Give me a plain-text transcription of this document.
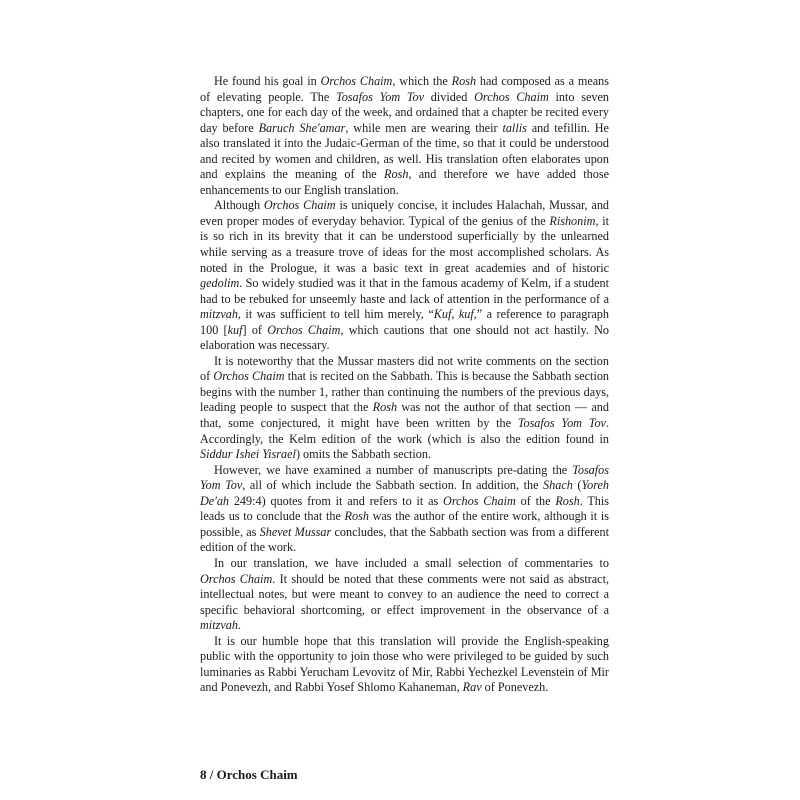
He found his goal in Orchos Chaim, which the Rosh had composed as a means of elevating people. The Tosafos Yom Tov divided Orchos Chaim into seven chapters, one for each day of the week, and ordained that a chapter be recited every day before Baruch She'amar, while men are wearing their tallis and tefillin. He also translated it into the Judaic-German of the time, so that it could be understood and recited by women and children, as well. His translation often elaborates upon and explains the meaning of the Rosh, and therefore we have added those enhancements to our English translation.

Although Orchos Chaim is uniquely concise, it includes Halachah, Mussar, and even proper modes of everyday behavior. Typical of the genius of the Rishonim, it is so rich in its brevity that it can be understood superficially by the unlearned while serving as a treasure trove of ideas for the most accomplished scholars. As noted in the Prologue, it was a basic text in great academies and of historic gedolim. So widely studied was it that in the famous academy of Kelm, if a student had to be rebuked for unseemly haste and lack of attention in the performance of a mitzvah, it was sufficient to tell him merely, “Kuf, kuf,” a reference to paragraph 100 [kuf] of Orchos Chaim, which cautions that one should not act hastily. No elaboration was necessary.

It is noteworthy that the Mussar masters did not write comments on the section of Orchos Chaim that is recited on the Sabbath. This is because the Sabbath section begins with the number 1, rather than continuing the numbers of the previous days, leading people to suspect that the Rosh was not the author of that section — and that, some conjectured, it might have been written by the Tosafos Yom Tov. Accordingly, the Kelm edition of the work (which is also the edition found in Siddur Ishei Yisrael) omits the Sabbath section.

However, we have examined a number of manuscripts pre-dating the Tosafos Yom Tov, all of which include the Sabbath section. In addition, the Shach (Yoreh De'ah 249:4) quotes from it and refers to it as Orchos Chaim of the Rosh. This leads us to conclude that the Rosh was the author of the entire work, although it is possible, as Shevet Mussar concludes, that the Sabbath section was from a different edition of the work.

In our translation, we have included a small selection of commentaries to Orchos Chaim. It should be noted that these comments were not said as abstract, intellectual notes, but were meant to convey to an audience the need to correct a specific behavioral shortcoming, or effect improvement in the observance of a mitzvah.

It is our humble hope that this translation will provide the English-speaking public with the opportunity to join those who were privileged to be guided by such luminaries as Rabbi Yerucham Levovitz of Mir, Rabbi Yechezkel Levenstein of Mir and Ponevezh, and Rabbi Yosef Shlomo Kahaneman, Rav of Ponevezh.

8 / Orchos Chaim
